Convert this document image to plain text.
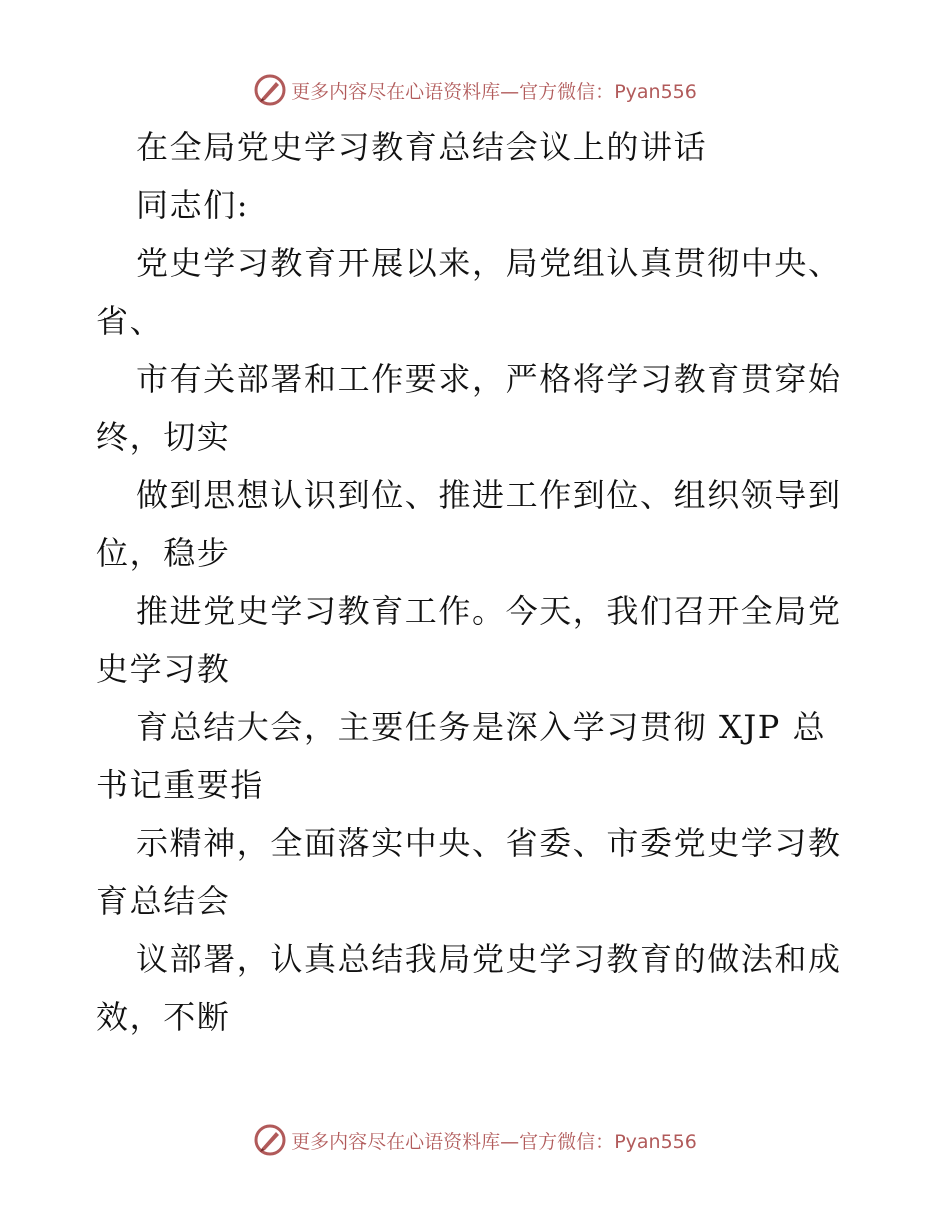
更多内容尽在心语资料库—官方微信：Pyan556
在全局党史学习教育总结会议上的讲话
同志们:
党史学习教育开展以来，局党组认真贯彻中央、
省、
市有关部署和工作要求，严格将学习教育贯穿始
终，切实
做到思想认识到位、推进工作到位、组织领导到
位，稳步
推进党史学习教育工作。今天，我们召开全局党
史学习教
育总结大会，主要任务是深入学习贯彻 XJP 总
书记重要指
示精神，全面落实中央、省委、市委党史学习教
育总结会
议部署，认真总结我局党史学习教育的做法和成
效，不断
更多内容尽在心语资料库—官方微信：Pyan556
